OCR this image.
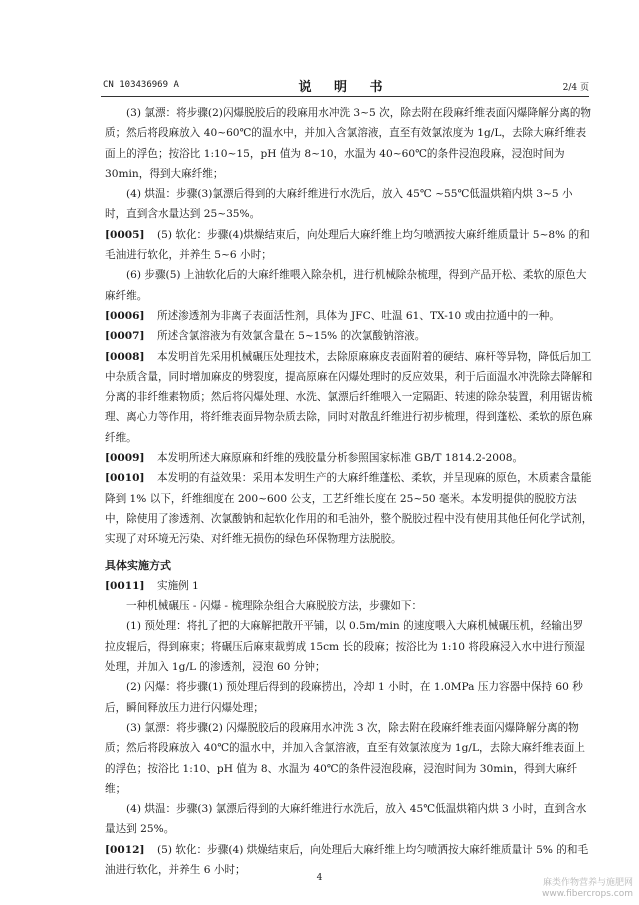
CN 103436969 A	说 明 书	2/4 页
(3) 氯漂：将步骤(2)闪爆脱胶后的段麻用水冲洗 3~5 次，除去附在段麻纤维表面闪爆降解分离的物质；然后将段麻放入 40~60℃的温水中，并加入含氯溶液，直至有效氯浓度为 1g/L，去除大麻纤维表面上的浮色；按浴比 1:10~15，pH 值为 8~10，水温为 40~60℃的条件浸泡段麻，浸泡时间为 30min，得到大麻纤维；
(4) 烘温：步骤(3)氯漂后得到的大麻纤维进行水洗后，放入 45℃ ~55℃低温烘箱内烘 3~5 小时，直到含水量达到 25~35%。
[0005] (5) 软化：步骤(4)烘燥结束后，向处理后大麻纤维上均匀喷洒按大麻纤维质量计 5~8% 的和毛油进行软化，并养生 5~6 小时；
(6) 步骤(5) 上油软化后的大麻纤维喂入除杂机，进行机械除杂梳理，得到产品开松、柔软的原色大麻纤维。
[0006] 所述渗透剂为非离子表面活性剂，具体为 JFC、吐温 61、TX-10 或由拉通中的一种。
[0007] 所述含氯溶液为有效氯含量在 5~15% 的次氯酸钠溶液。
[0008] 本发明首先采用机械碾压处理技术，去除原麻麻皮表面附着的硬结、麻杆等异物，降低后加工中杂质含量，同时增加麻皮的劈裂度，提高原麻在闪爆处理时的反应效果，利于后面温水冲洗除去降解和分离的非纤维素物质；然后将闪爆处理、水洗、氯漂后纤维喂入一定隔距、转速的除杂装置，利用锯齿梳理、离心力等作用，将纤维表面异物杂质去除，同时对散乱纤维进行初步梳理，得到蓬松、柔软的原色麻纤维。
[0009] 本发明所述大麻原麻和纤维的残胶量分析参照国家标准 GB/T 1814.2-2008。
[0010] 本发明的有益效果：采用本发明生产的大麻纤维蓬松、柔软，并呈现麻的原色，木质素含量能降到 1% 以下，纤维细度在 200~600 公支，工艺纤维长度在 25~50 毫米。本发明提供的脱胶方法中，除使用了渗透剂、次氯酸钠和起软化作用的和毛油外，整个脱胶过程中没有使用其他任何化学试剂，实现了对环境无污染、对纤维无损伤的绿色环保物理方法脱胶。
具体实施方式
[0011] 实施例 1
一种机械碾压 - 闪爆 - 梳理除杂组合大麻脱胶方法，步骤如下：
(1) 预处理：将扎了把的大麻解把散开平铺，以 0.5m/min 的速度喂入大麻机械碾压机，经输出罗拉皮辊后，得到麻束；将碾压后麻束裁剪成 15cm 长的段麻；按浴比为 1:10 将段麻浸入水中进行预湿处理，并加入 1g/L 的渗透剂，浸泡 60 分钟；
(2) 闪爆：将步骤(1) 预处理后得到的段麻捞出，冷却 1 小时，在 1.0MPa 压力容器中保持 60 秒后，瞬间释放压力进行闪爆处理；
(3) 氯漂：将步骤(2) 闪爆脱胶后的段麻用水冲洗 3 次，除去附在段麻纤维表面闪爆降解分离的物质；然后将段麻放入 40℃的温水中，并加入含氯溶液，直至有效氯浓度为 1g/L，去除大麻纤维表面上的浮色；按浴比 1:10、pH 值为 8、水温为 40℃的条件浸泡段麻，浸泡时间为 30min，得到大麻纤维；
(4) 烘温：步骤(3) 氯漂后得到的大麻纤维进行水洗后，放入 45℃低温烘箱内烘 3 小时，直到含水量达到 25%。
[0012] (5) 软化：步骤(4) 烘燥结束后，向处理后大麻纤维上均匀喷洒按大麻纤维质量计 5% 的和毛油进行软化，并养生 6 小时；
4	麻类作物营养与施肥网
www.fibercrops.com
